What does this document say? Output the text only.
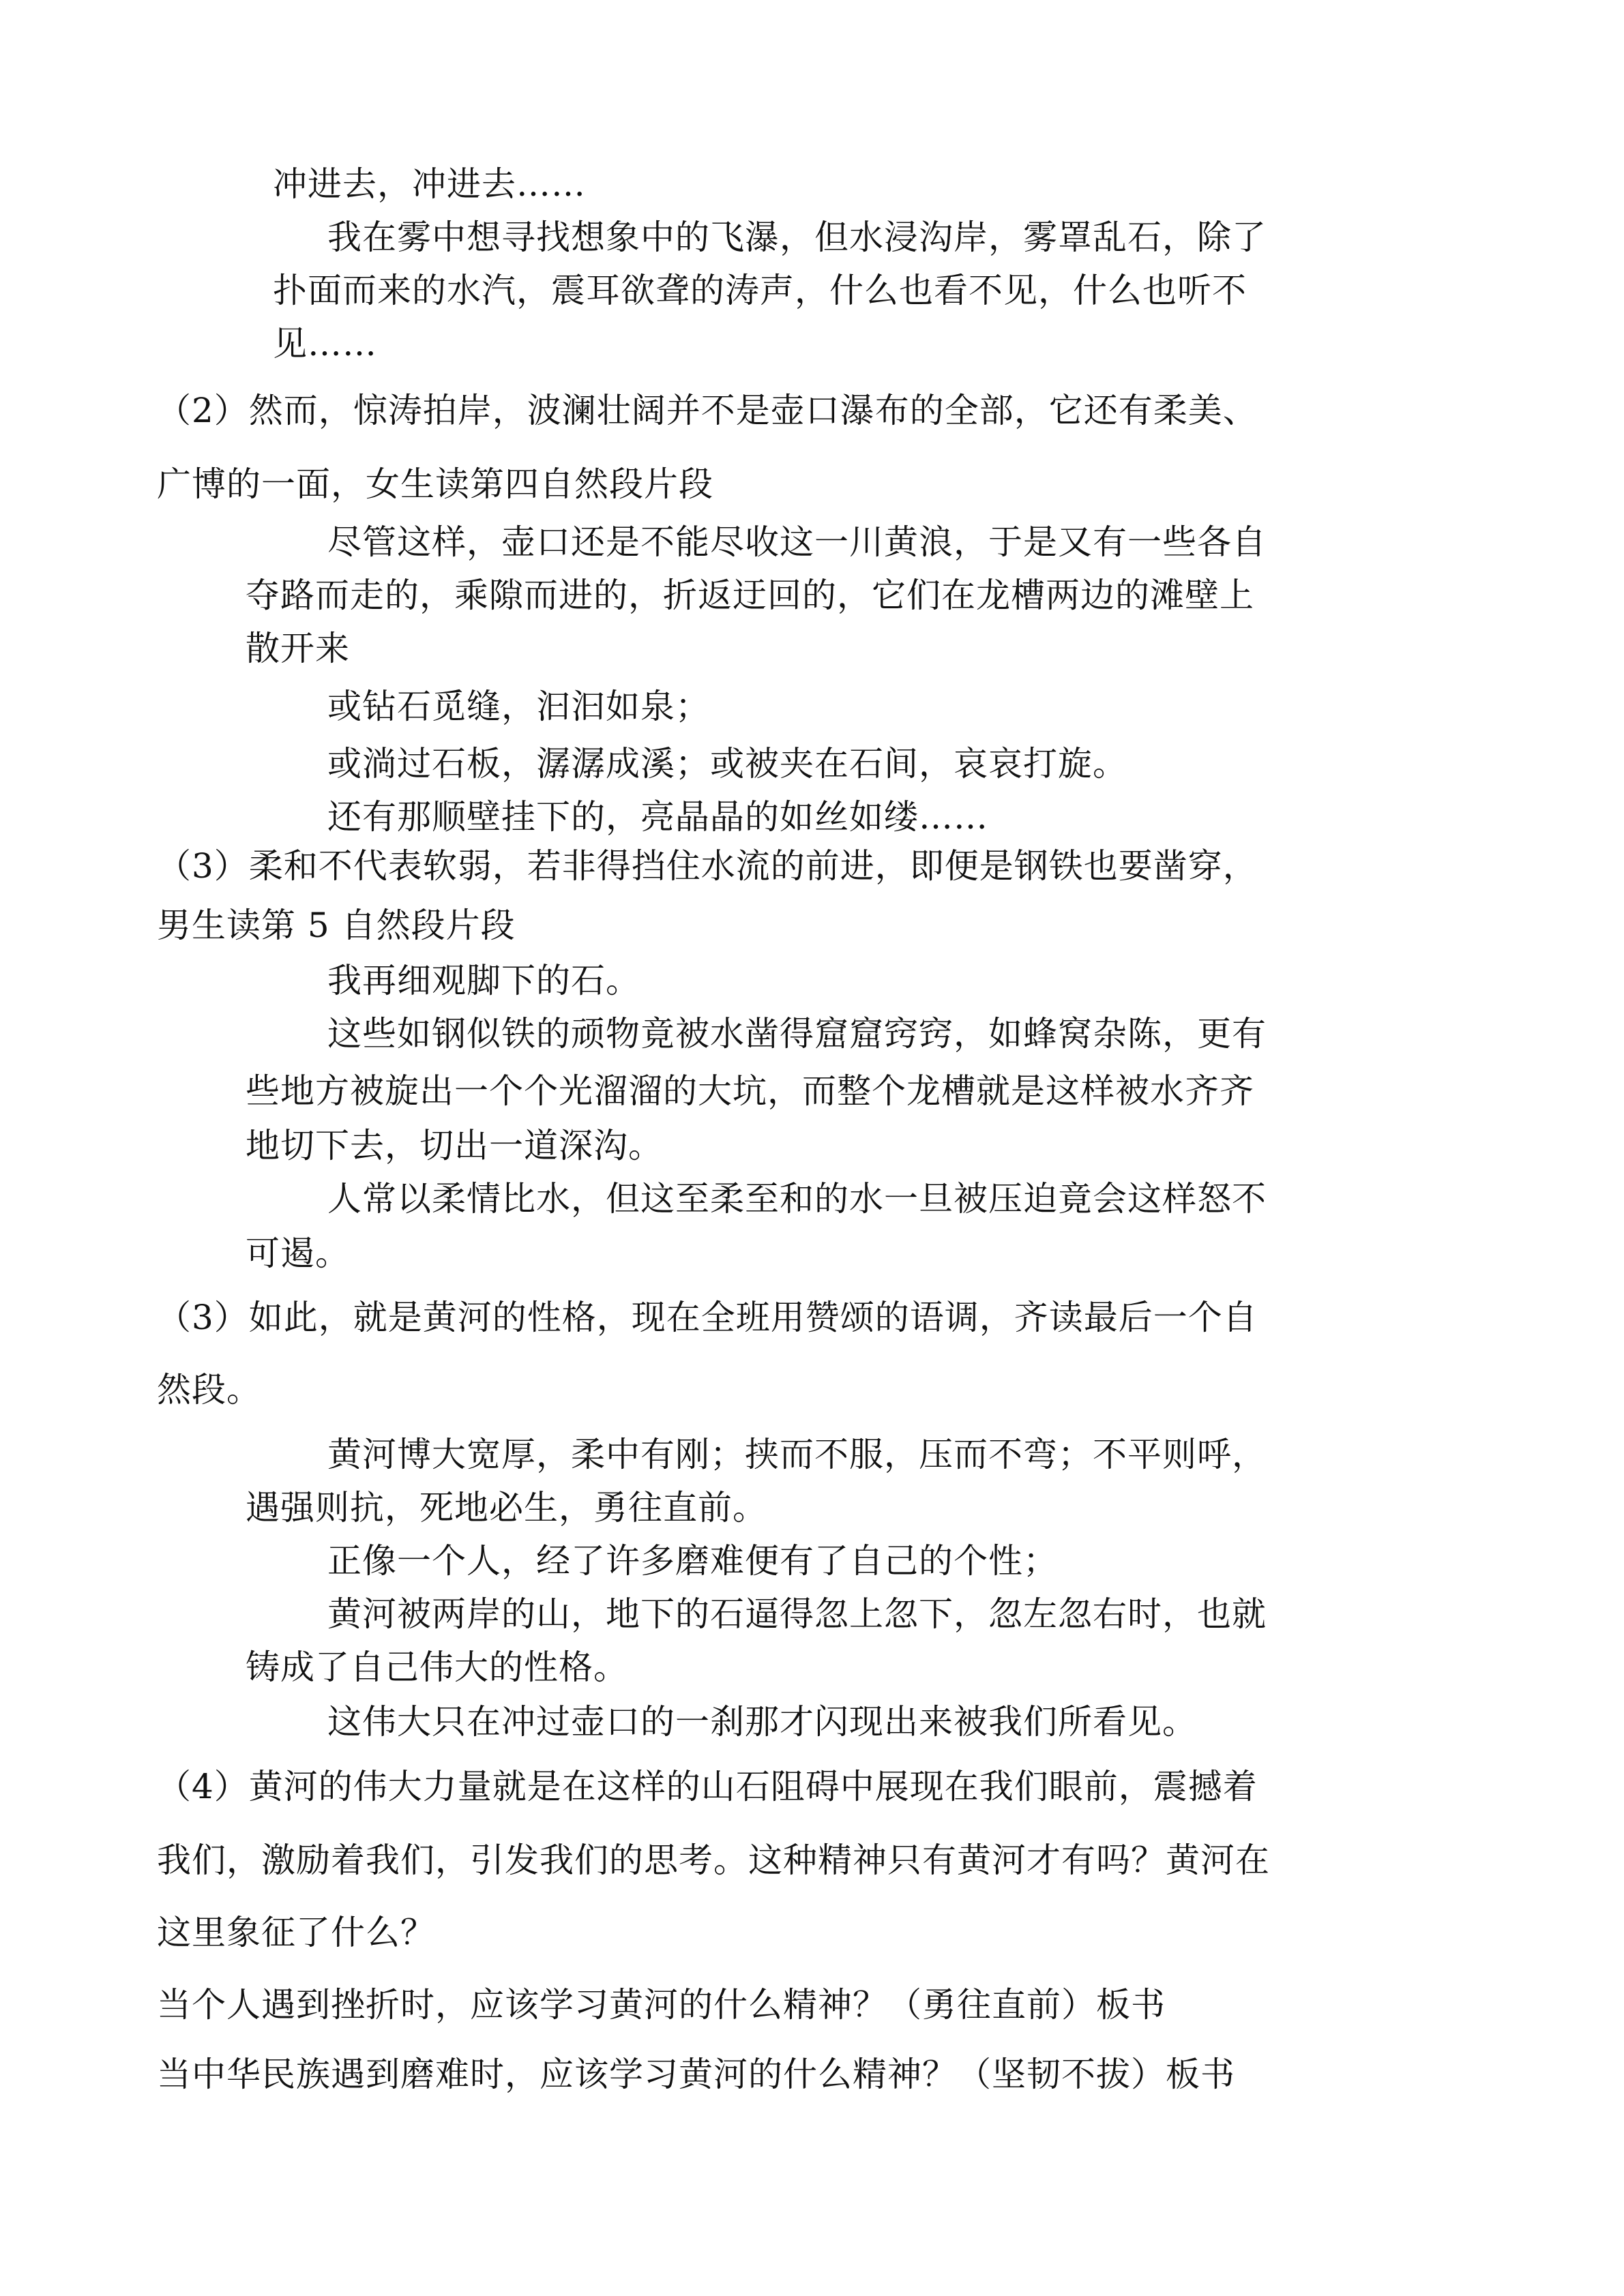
冲进去，冲进去……
我在雾中想寻找想象中的飞瀑，但水浸沟岸，雾罩乱石，除了
扑面而来的水汽，震耳欲聋的涛声，什么也看不见，什么也听不
见……
（2）然而，惊涛拍岸，波澜壮阔并不是壶口瀑布的全部，它还有柔美、
广博的一面，女生读第四自然段片段
尽管这样，壶口还是不能尽收这一川黄浪，于是又有一些各自
夺路而走的，乘隙而进的，折返迂回的，它们在龙槽两边的滩壁上
散开来
或钻石觅缝，汩汩如泉；
或淌过石板，潺潺成溪；或被夹在石间，哀哀打旋。
还有那顺壁挂下的，亮晶晶的如丝如缕……
（3）柔和不代表软弱，若非得挡住水流的前进，即便是钢铁也要凿穿，
男生读第 5 自然段片段
我再细观脚下的石。
这些如钢似铁的顽物竟被水凿得窟窟窍窍，如蜂窝杂陈，更有
些地方被旋出一个个光溜溜的大坑，而整个龙槽就是这样被水齐齐
地切下去，切出一道深沟。
人常以柔情比水，但这至柔至和的水一旦被压迫竟会这样怒不
可遏。
（3）如此，就是黄河的性格，现在全班用赞颂的语调，齐读最后一个自
然段。
黄河博大宽厚，柔中有刚；挟而不服，压而不弯；不平则呼，
遇强则抗，死地必生，勇往直前。
正像一个人，经了许多磨难便有了自己的个性；
黄河被两岸的山，地下的石逼得忽上忽下，忽左忽右时，也就
铸成了自己伟大的性格。
这伟大只在冲过壶口的一刹那才闪现出来被我们所看见。
（4）黄河的伟大力量就是在这样的山石阻碍中展现在我们眼前，震撼着
我们，激励着我们，引发我们的思考。这种精神只有黄河才有吗？黄河在
这里象征了什么？
当个人遇到挫折时，应该学习黄河的什么精神？（勇往直前）板书
当中华民族遇到磨难时，应该学习黄河的什么精神？（坚韧不拔）板书
